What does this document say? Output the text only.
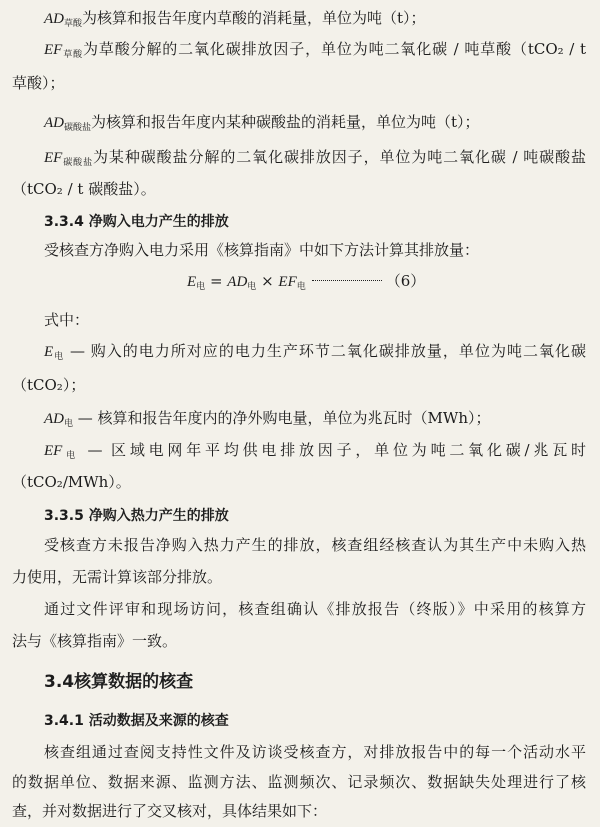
$AD_{草酸}$为核算和报告年度内草酸的消耗量，单位为吨（t）；
$EF_{草酸}$为草酸分解的二氧化碳排放因子，单位为吨二氧化碳 / 吨草酸（tCO₂ / t
草酸）；
$AD_{碳酸盐}$为核算和报告年度内某种碳酸盐的消耗量，单位为吨（t）；
$EF_{碳酸盐}$为某种碳酸盐分解的二氧化碳排放因子，单位为吨二氧化碳 / 吨碳酸盐
（tCO₂ / t 碳酸盐）。
3.3.4 净购入电力产生的排放
受核查方净购入电力采用《核算指南》中如下方法计算其排放量：
$E_电 = AD_电 \times EF_电$	（6）
式中：
$E_电$ — 购入的电力所对应的电力生产环节二氧化碳排放量，单位为吨二氧化碳
（tCO₂）；
$AD_电$ — 核算和报告年度内的净外购电量，单位为兆瓦时（MWh）；
$EF_电$ — 区域电网年平均供电排放因子，单位为吨二氧化碳/兆瓦时
（tCO₂/MWh）。
3.3.5 净购入热力产生的排放
受核查方未报告净购入热力产生的排放，核查组经核查认为其生产中未购入热
力使用，无需计算该部分排放。
通过文件评审和现场访问，核查组确认《排放报告（终版）》中采用的核算方
法与《核算指南》一致。
3.4核算数据的核查
3.4.1 活动数据及来源的核查
核查组通过查阅支持性文件及访谈受核查方，对排放报告中的每一个活动水平
的数据单位、数据来源、监测方法、监测频次、记录频次、数据缺失处理进行了核
查，并对数据进行了交叉核对，具体结果如下：
